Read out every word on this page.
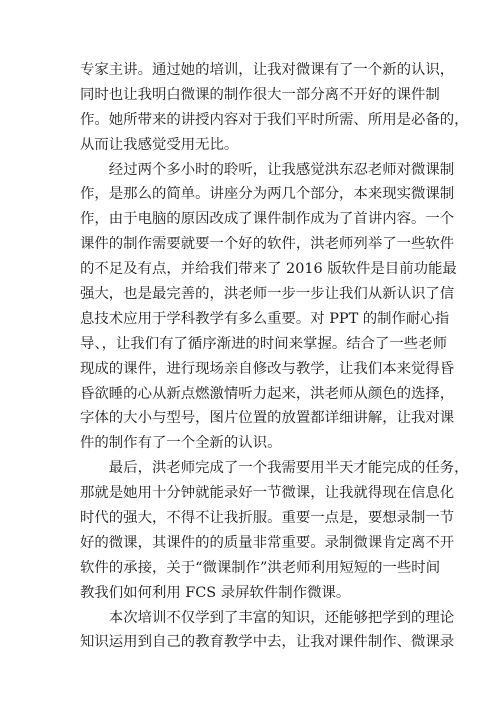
专家主讲。通过她的培训，让我对微课有了一个新的认识，
同时也让我明白微课的制作很大一部分离不开好的课件制
作。她所带来的讲授内容对于我们平时所需、所用是必备的，
从而让我感觉受用无比。
经过两个多小时的聆听，让我感觉洪东忍老师对微课制
作，是那么的简单。讲座分为两几个部分，本来现实微课制
作，由于电脑的原因改成了课件制作成为了首讲内容。一个
课件的制作需要就要一个好的软件，洪老师列举了一些软件
的不足及有点，并给我们带来了 2016 版软件是目前功能最
强大，也是最完善的，洪老师一步一步让我们从新认识了信
息技术应用于学科教学有多么重要。对 PPT 的制作耐心指
导、，让我们有了循序渐进的时间来掌握。结合了一些老师
现成的课件，进行现场亲自修改与教学，让我们本来觉得昏
昏欲睡的心从新点燃激情听力起来，洪老师从颜色的选择，
字体的大小与型号，图片位置的放置都详细讲解，让我对课
件的制作有了一个全新的认识。
最后，洪老师完成了一个我需要用半天才能完成的任务，
那就是她用十分钟就能录好一节微课，让我就得现在信息化
时代的强大，不得不让我折服。重要一点是，要想录制一节
好的微课，其课件的的质量非常重要。录制微课肯定离不开
软件的承接，关于“微课制作”洪老师利用短短的一些时间
教我们如何利用 FCS 录屏软件制作微课。
本次培训不仅学到了丰富的知识，还能够把学到的理论
知识运用到自己的教育教学中去，让我对课件制作、微课录
